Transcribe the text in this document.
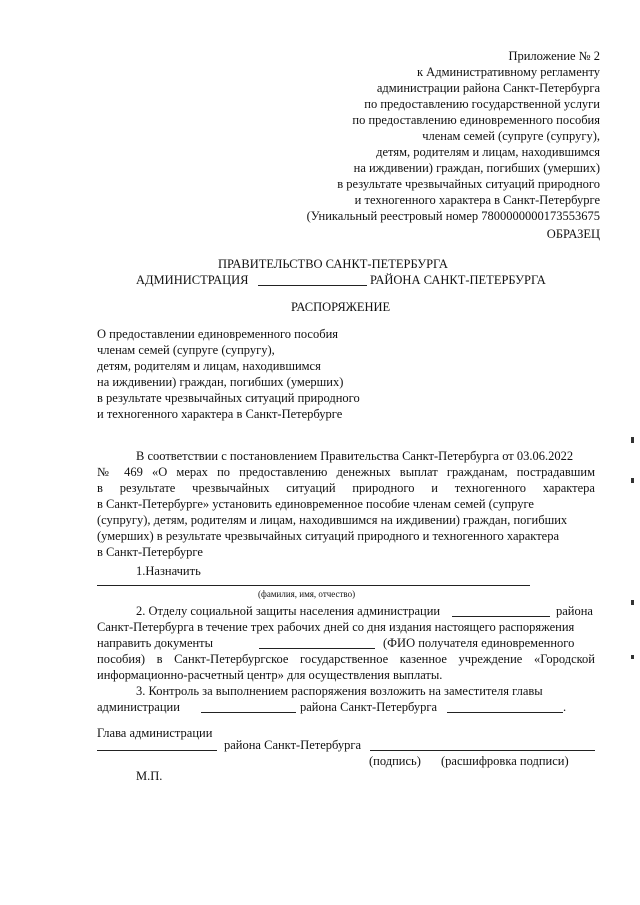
Приложение № 2
к Административному регламенту
администрации района Санкт-Петербурга
по предоставлению государственной услуги
по предоставлению единовременного пособия
членам семей (супруге (супругу),
детям, родителям и лицам, находившимся
на иждивении) граждан, погибших (умерших)
в результате чрезвычайных ситуаций природного
и техногенного характера в Санкт-Петербурге
(Уникальный реестровый номер 7800000000173553675
ОБРАЗЕЦ
ПРАВИТЕЛЬСТВО САНКТ-ПЕТЕРБУРГА
АДМИНИСТРАЦИЯ	РАЙОНА САНКТ-ПЕТЕРБУРГА
РАСПОРЯЖЕНИЕ
О предоставлении единовременного пособия
членам семей (супруге (супругу),
детям, родителям и лицам, находившимся
на иждивении) граждан, погибших (умерших)
в результате чрезвычайных ситуаций природного
и техногенного характера в Санкт-Петербурге
В соответствии с постановлением Правительства Санкт-Петербурга от 03.06.2022
№ 469 «О мерах по предоставлению денежных выплат гражданам, пострадавшим
в результате чрезвычайных ситуаций природного и техногенного характера
в Санкт-Петербурге» установить единовременное пособие членам семей (супруге
(супругу), детям, родителям и лицам, находившимся на иждивении) граждан, погибших
(умерших) в результате чрезвычайных ситуаций природного и техногенного характера
в Санкт-Петербурге
1.Назначить
(фамилия, имя, отчество)
2. Отделу социальной защиты населения администрации	района
Санкт-Петербурга в течение трех рабочих дней со дня издания настоящего распоряжения
направить документы	(ФИО получателя единовременного
пособия) в Санкт-Петербургское государственное казенное учреждение «Городской
информационно-расчетный центр» для осуществления выплаты.
3. Контроль за выполнением распоряжения возложить на заместителя главы
администрации	района Санкт-Петербурга	.
Глава администрации
района Санкт-Петербурга
(подпись) (расшифровка подписи)
М.П.
